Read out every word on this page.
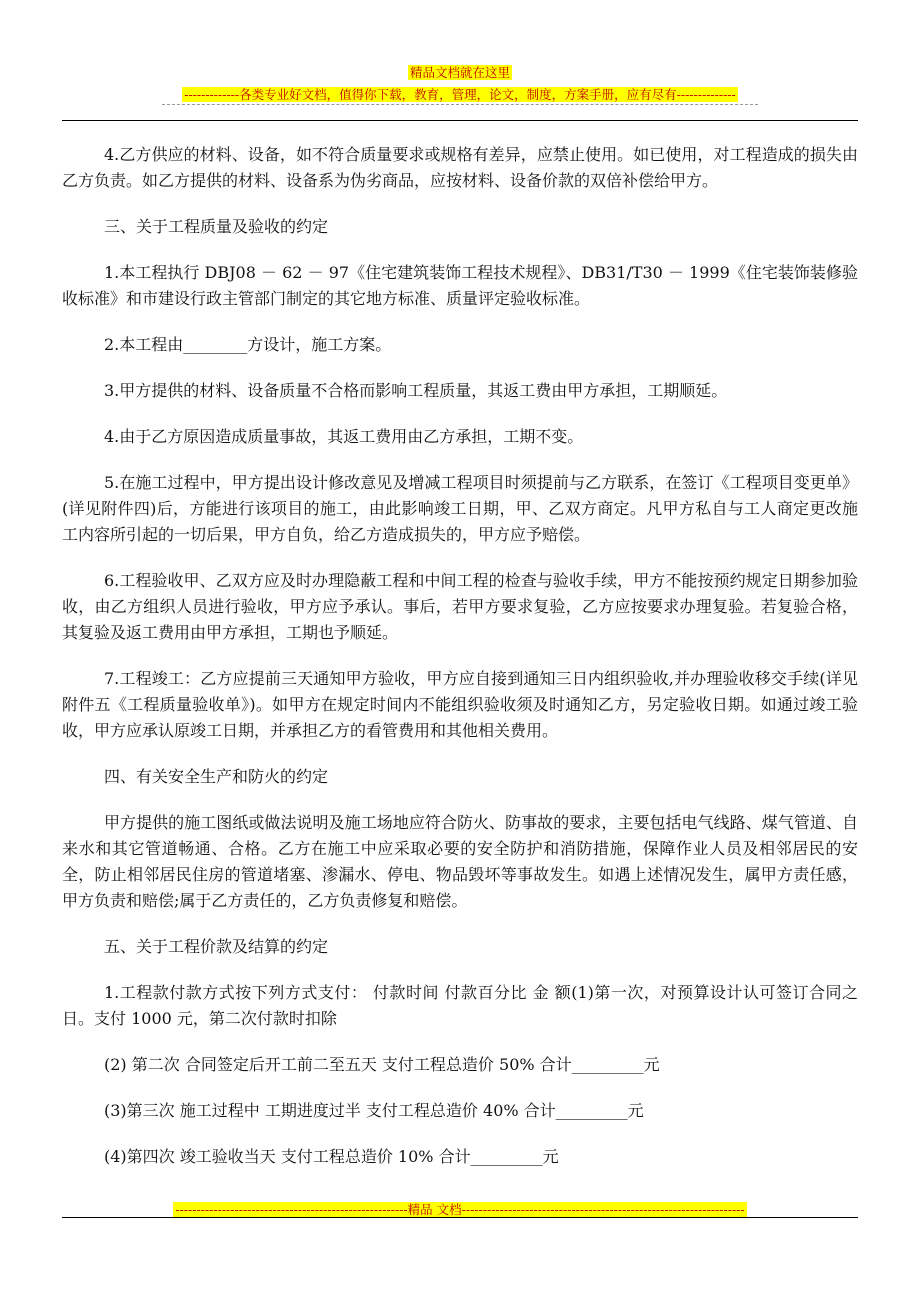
精品文档就在这里
-------------各类专业好文档，值得你下载，教育，管理，论文，制度，方案手册，应有尽有--------------

4.乙方供应的材料、设备，如不符合质量要求或规格有差异，应禁止使用。如已使用，对工程造成的损失由乙方负责。如乙方提供的材料、设备系为伪劣商品，应按材料、设备价款的双倍补偿给甲方。

三、关于工程质量及验收的约定

1.本工程执行 DBJ08 － 62 － 97《住宅建筑装饰工程技术规程》、DB31/T30 － 1999《住宅装饰装修验收标准》和市建设行政主管部门制定的其它地方标准、质量评定验收标准。

2.本工程由________方设计，施工方案。

3.甲方提供的材料、设备质量不合格而影响工程质量，其返工费由甲方承担，工期顺延。

4.由于乙方原因造成质量事故，其返工费用由乙方承担，工期不变。

5.在施工过程中，甲方提出设计修改意见及增减工程项目时须提前与乙方联系，在签订《工程项目变更单》(详见附件四)后，方能进行该项目的施工，由此影响竣工日期，甲、乙双方商定。凡甲方私自与工人商定更改施工内容所引起的一切后果，甲方自负，给乙方造成损失的，甲方应予赔偿。

6.工程验收甲、乙双方应及时办理隐蔽工程和中间工程的检查与验收手续，甲方不能按预约规定日期参加验收，由乙方组织人员进行验收，甲方应予承认。事后，若甲方要求复验，乙方应按要求办理复验。若复验合格，其复验及返工费用由甲方承担，工期也予顺延。

7.工程竣工：乙方应提前三天通知甲方验收，甲方应自接到通知三日内组织验收,并办理验收移交手续(详见附件五《工程质量验收单》)。如甲方在规定时间内不能组织验收须及时通知乙方，另定验收日期。如通过竣工验收，甲方应承认原竣工日期，并承担乙方的看管费用和其他相关费用。

四、有关安全生产和防火的约定

甲方提供的施工图纸或做法说明及施工场地应符合防火、防事故的要求，主要包括电气线路、煤气管道、自来水和其它管道畅通、合格。乙方在施工中应采取必要的安全防护和消防措施，保障作业人员及相邻居民的安全，防止相邻居民住房的管道堵塞、渗漏水、停电、物品毁坏等事故发生。如遇上述情况发生，属甲方责任感，甲方负责和赔偿;属于乙方责任的，乙方负责修复和赔偿。

五、关于工程价款及结算的约定

1.工程款付款方式按下列方式支付： 付款时间 付款百分比 金 额(1)第一次，对预算设计认可签订合同之日。支付 1000 元，第二次付款时扣除

(2) 第二次 合同签定后开工前二至五天 支付工程总造价 50% 合计_________元

(3)第三次 施工过程中 工期进度过半 支付工程总造价 40% 合计_________元

(4)第四次 竣工验收当天 支付工程总造价 10% 合计_________元

-------------------------------------------------------精品 文档-------------------------------------------------------------------
